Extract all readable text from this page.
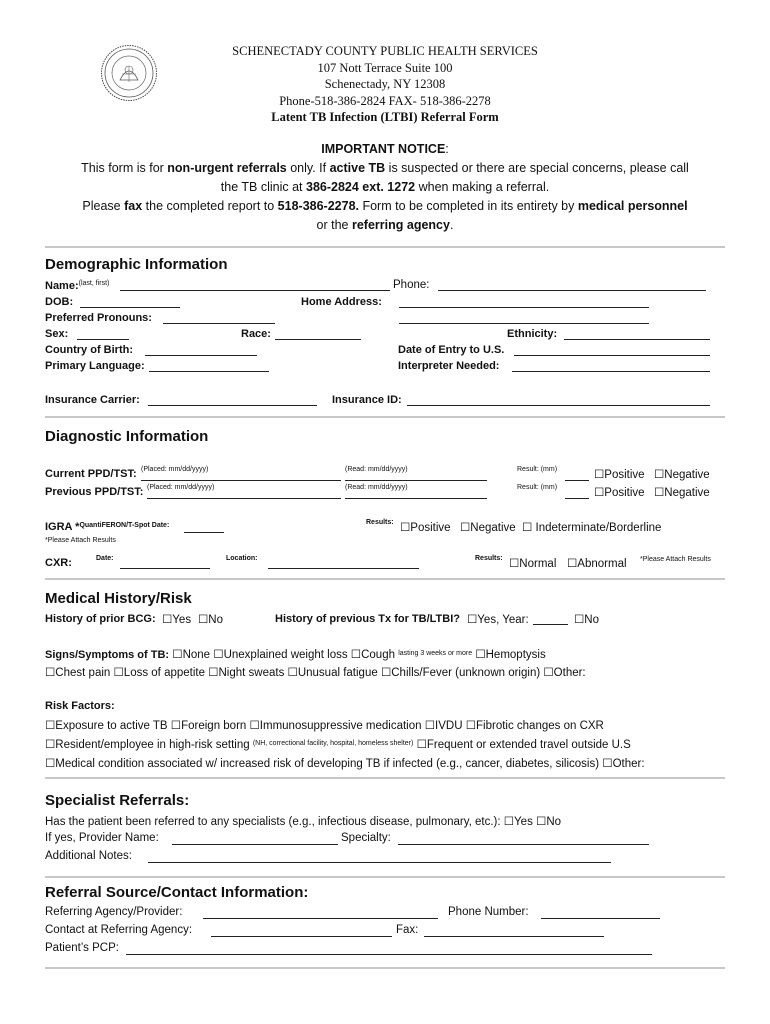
SCHENECTADY COUNTY PUBLIC HEALTH SERVICES
107 Nott Terrace Suite 100
Schenectady, NY 12308
Phone-518-386-2824 FAX- 518-386-2278
Latent TB Infection (LTBI) Referral Form
IMPORTANT NOTICE:
This form is for non-urgent referrals only. If active TB is suspected or there are special concerns, please call
the TB clinic at 386-2824 ext. 1272 when making a referral.
Please fax the completed report to 518-386-2278. Form to be completed in its entirety by medical personnel
or the referring agency.
Demographic Information
Name:$^{(last, first)}$	Phone:
DOB:	Home Address:
Preferred Pronouns:
Sex:	Race:	Ethnicity:
Country of Birth:	Date of Entry to U.S.
Primary Language:	Interpreter Needed:
Insurance Carrier:	Insurance ID:
Diagnostic Information
Current PPD/TST: (Placed: mm/dd/yyyy)	(Read: mm/dd/yyyy)	Result: (mm)	☐Positive ☐Negative
Previous PPD/TST: (Placed: mm/dd/yyyy)	(Read: mm/dd/yyyy)	Result: (mm)	☐Positive ☐Negative
IGRA *$^{QuantiFERON/T-Spot Date:}$	Results: ☐Positive ☐Negative ☐ Indeterminate/Borderline
*Please Attach Results
CXR:	Date:	Location:	Results: ☐Normal ☐Abnormal *Please Attach Results
Medical History/Risk
History of prior BCG: ☐Yes ☐No	History of previous Tx for TB/LTBI? ☐Yes, Year:	☐No
Signs/Symptoms of TB: ☐None ☐Unexplained weight loss ☐Cough $^{lasting 3 weeks or more}$ ☐Hemoptysis
☐Chest pain ☐Loss of appetite ☐Night sweats ☐Unusual fatigue ☐Chills/Fever (unknown origin) ☐Other:
Risk Factors:
☐Exposure to active TB ☐Foreign born ☐Immunosuppressive medication ☐IVDU ☐Fibrotic changes on CXR
☐Resident/employee in high-risk setting $^{(NH, correctional facility, hospital, homeless shelter)}$ ☐Frequent or extended travel outside U.S
☐Medical condition associated w/ increased risk of developing TB if infected (e.g., cancer, diabetes, silicosis) ☐Other:
Specialist Referrals:
Has the patient been referred to any specialists (e.g., infectious disease, pulmonary, etc.): ☐Yes ☐No
If yes, Provider Name:	Specialty:
Additional Notes:
Referral Source/Contact Information:
Referring Agency/Provider:	Phone Number:
Contact at Referring Agency:	Fax:
Patient’s PCP:
